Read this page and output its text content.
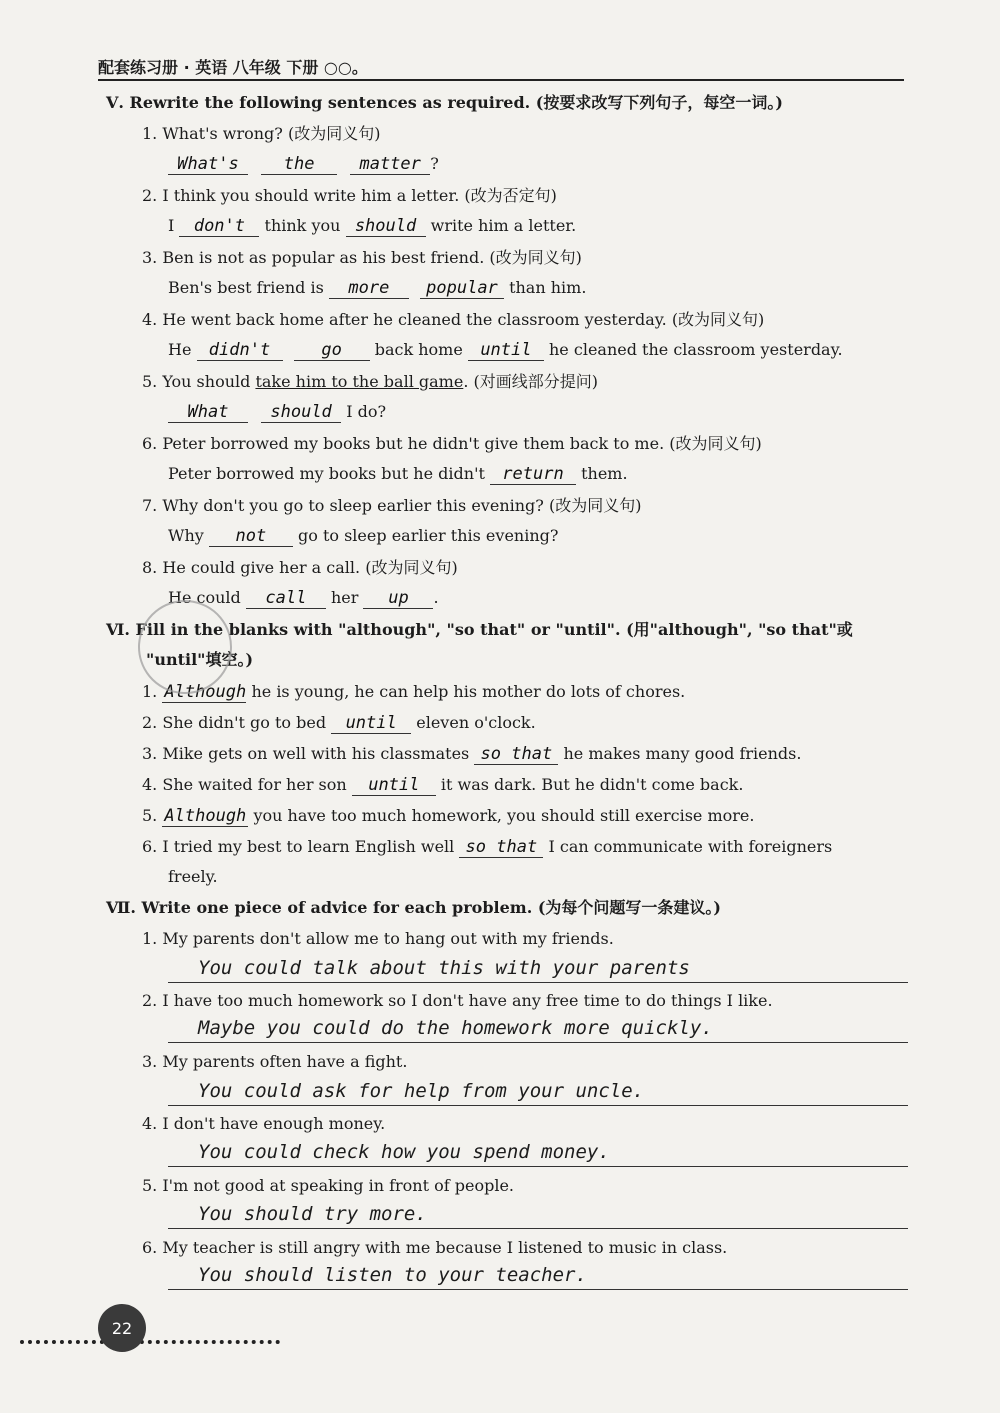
配套练习册 · 英语 八年级 下册 ○○。
Ⅴ. Rewrite the following sentences as required. (按要求改写下列句子，每空一词。)
1. What's wrong? (改为同义句)
What's	the	matter ?
2. I think you should write him a letter. (改为否定句)
I don't think you should write him a letter.
3. Ben is not as popular as his best friend. (改为同义句)
Ben's best friend is more popular than him.
4. He went back home after he cleaned the classroom yesterday. (改为同义句)
He didn't	go back home until he cleaned the classroom yesterday.
5. You should take him to the ball game. (对画线部分提问)
What should I do?
6. Peter borrowed my books but he didn't give them back to me. (改为同义句)
Peter borrowed my books but he didn't return them.
7. Why don't you go to sleep earlier this evening? (改为同义句)
Why not go to sleep earlier this evening?
8. He could give her a call. (改为同义句)
He could call her up .
Ⅵ. Fill in the blanks with "although", "so that" or "until". (用"although", "so that"或
"until"填空。)
1. Although he is young, he can help his mother do lots of chores.
2. She didn't go to bed until eleven o'clock.
3. Mike gets on well with his classmates so that he makes many good friends.
4. She waited for her son until it was dark. But he didn't come back.
5. Although you have too much homework, you should still exercise more.
6. I tried my best to learn English well so that I can communicate with foreigners
freely.
Ⅶ. Write one piece of advice for each problem. (为每个问题写一条建议。)
1. My parents don't allow me to hang out with my friends.
You could talk about this with your parents
2. I have too much homework so I don't have any free time to do things I like.
Maybe you could do the homework more quickly.
3. My parents often have a fight.
You could ask for help from your uncle.
4. I don't have enough money.
You could check how you spend money.
5. I'm not good at speaking in front of people.
You should try more.
6. My teacher is still angry with me because I listened to music in class.
You should listen to your teacher.
22
